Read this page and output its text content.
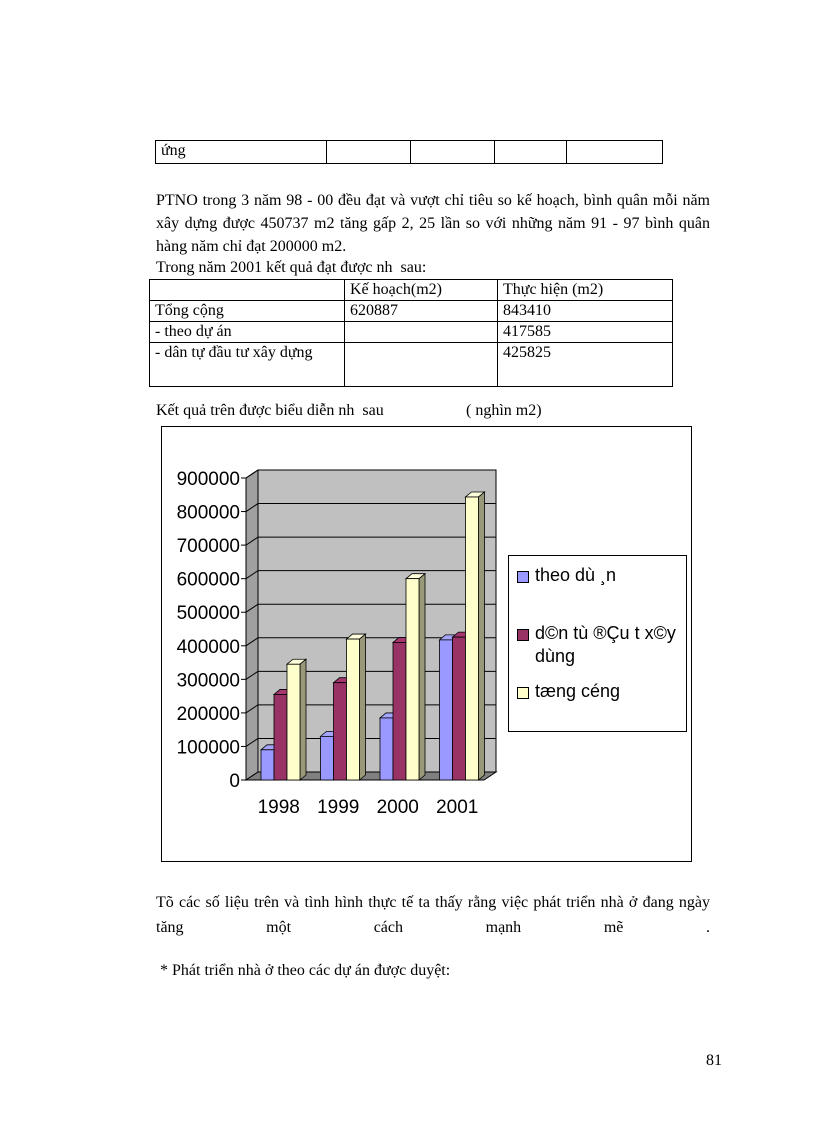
ứng				
PTNO trong 3 năm 98 - 00 đều đạt và vượt chỉ tiêu so kế hoạch, bình quân mỗi năm xây dựng được 450737 m2 tăng gấp 2, 25 lần so với những năm 91 - 97 bình quân hàng năm chỉ đạt 200000 m2.
Trong năm 2001 kết quả đạt được nh  sau:
	Kế hoạch(m2)	Thực hiện (m2)
Tổng cộng	620887	843410
- theo dự án		417585
- dân tự đầu tư xây dựng		425825
Kết quả trên được biểu diễn nh  sau	( nghìn m2)
0
100000
200000
300000
400000
500000
600000
700000
800000
900000
1998 1999 2000 2001
theo dù ¸n
d©n tù ®Çu t x©y dùng
tæng céng
Tõ các số liệu trên và tình hình thực tế ta thấy rằng việc phát triển nhà ở đang ngày tăng một cách mạnh mẽ .
* Phát triển nhà ở theo các dự án được duyệt:
81
